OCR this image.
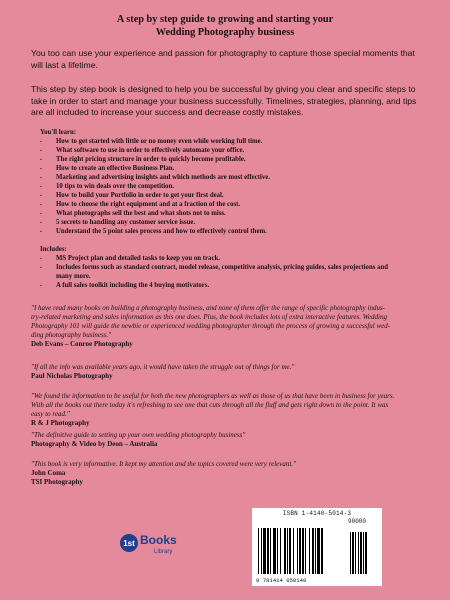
A step by step guide to growing and starting your
Wedding Photography business

You too can use your experience and passion for photography to capture those special moments that will last a lifetime.

This step by step book is designed to help you be successful by giving you clear and specific steps to take in order to start and manage your business successfully. Timelines, strategies, planning, and tips are all included to increase your success and decrease costly mistakes.

You'll learn:
- How to get started with little or no money even while working full time.
- What software to use in order to effectively automate your office.
- The right pricing structure in order to quickly become profitable.
- How to create an effective Business Plan.
- Marketing and advertising insights and which methods are most effective.
- 10 tips to win deals over the competition.
- How to build your Portfolio in order to get your first deal.
- How to choose the right equipment and at a fraction of the cost.
- What photographs sell the best and what shots not to miss.
- 5 secrets to handling any customer service issue.
- Understand the 5 point sales process and how to effectively control them.
Includes:
- MS Project plan and detailed tasks to keep you on track.
- Includes forms such as standard contract, model release, competitive analysis, pricing guides, sales projections and
many more.
- A full sales toolkit including the 4 buying motivators.

"I have read many books on building a photography business, and none of them offer the range of specific photography indus-
try-related marketing and sales information as this one does. Plus, the book includes lots of extra interactive features. Wedding
Photography 101 will guide the newbie or experienced wedding photographer through the process of growing a successful wed-
ding photography business."

Deb Evans – Conroe Photography

"If all the info was available years ago, it would have taken the struggle out of things for me."

Paul Nicholas Photography

"We found the information to be useful for both the new photographers as well as those of us that have been in business for years.
With all the books out there today it's refreshing to see one that cuts through all the fluff and gets right down to the point. It was
easy to read."

R & J Photography

"The definitive guide to setting up your own wedding photography business"

Photography & Video by Deon – Australia

"This book is very informative. It kept my attention and the topics covered were very relevant."

John Coma
TSI Photography

1st Books
Library
ISBN 1-4140-5014-3
90000
9 781414 050140
